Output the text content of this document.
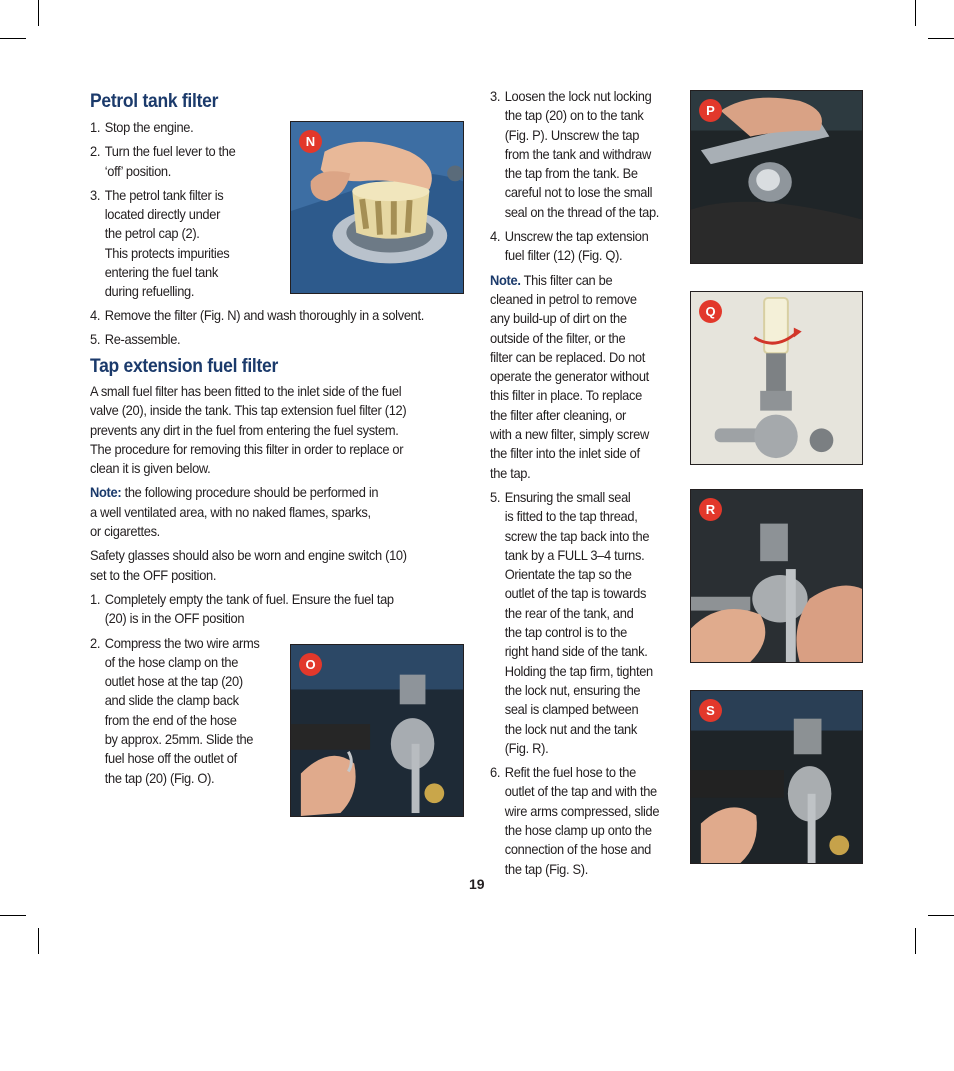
Petrol tank filter
1. Stop the engine.
2. Turn the fuel lever to the
‘off’ position.
3. The petrol tank filter is
located directly under
the petrol cap (2).
This protects impurities
entering the fuel tank
during refuelling.
4. Remove the filter (Fig. N) and wash thoroughly in a solvent.
5. Re-assemble.
Tap extension fuel filter
A small fuel filter has been fitted to the inlet side of the fuel
valve (20), inside the tank. This tap extension fuel filter (12)
prevents any dirt in the fuel from entering the fuel system.
The procedure for removing this filter in order to replace or
clean it is given below.
Note: the following procedure should be performed in
a well ventilated area, with no naked flames, sparks,
or cigarettes.
Safety glasses should also be worn and engine switch (10)
set to the OFF position.
1. Completely empty the tank of fuel. Ensure the fuel tap
(20) is in the OFF position
2. Compress the two wire arms
of the hose clamp on the
outlet hose at the tap (20)
and slide the clamp back
from the end of the hose
by approx. 25mm. Slide the
fuel hose off the outlet of
the tap (20) (Fig. O).
3. Loosen the lock nut locking
the tap (20) on to the tank
(Fig. P). Unscrew the tap
from the tank and withdraw
the tap from the tank. Be
careful not to lose the small
seal on the thread of the tap.
4. Unscrew the tap extension
fuel filter (12) (Fig. Q).
Note. This filter can be
cleaned in petrol to remove
any build-up of dirt on the
outside of the filter, or the
filter can be replaced. Do not
operate the generator without
this filter in place. To replace
the filter after cleaning, or
with a new filter, simply screw
the filter into the inlet side of
the tap.
5. Ensuring the small seal
is fitted to the tap thread,
screw the tap back into the
tank by a FULL 3–4 turns.
Orientate the tap so the
outlet of the tap is towards
the rear of the tank, and
the tap control is to the
right hand side of the tank.
Holding the tap firm, tighten
the lock nut, ensuring the
seal is clamped between
the lock nut and the tank
(Fig. R).
6. Refit the fuel hose to the
outlet of the tap and with the
wire arms compressed, slide
the hose clamp up onto the
connection of the hose and
the tap (Fig. S).
N
O
P
Q
R
S
19
